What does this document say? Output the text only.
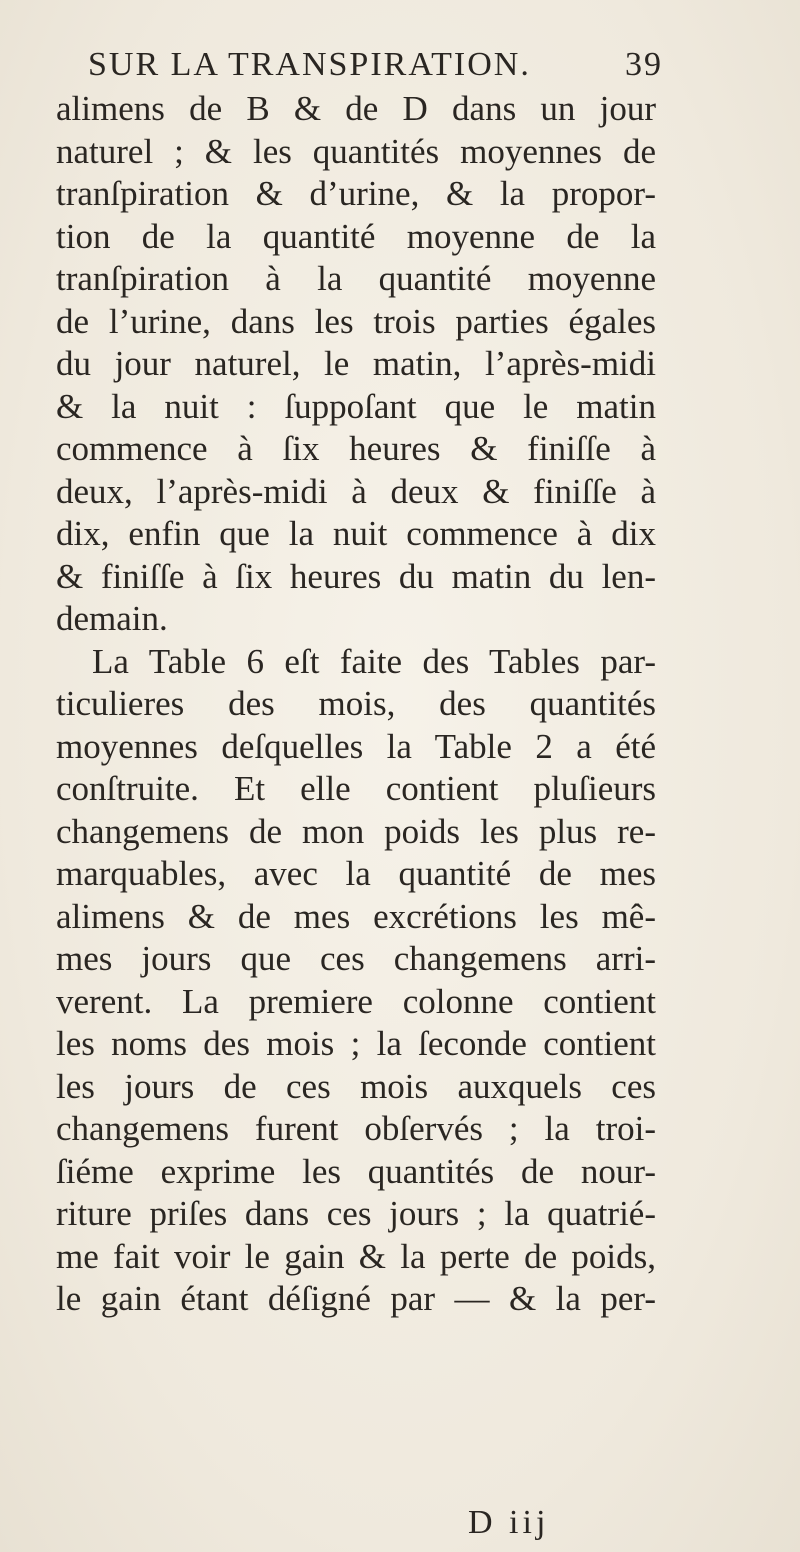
SUR LA TRANSPIRATION.	39
alimens de B & de D dans un jour
naturel ; & les quantités moyennes de
tranſpiration & d’urine, & la propor-
tion de la quantité moyenne de la
tranſpiration à la quantité moyenne
de l’urine, dans les trois parties égales
du jour naturel, le matin, l’après-midi
& la nuit : ſuppoſant que le matin
commence à ſix heures & finiſſe à
deux, l’après-midi à deux & finiſſe à
dix, enfin que la nuit commence à dix
& finiſſe à ſix heures du matin du len-
demain.
La Table 6 eſt faite des Tables par-
ticulieres des mois, des quantités
moyennes deſquelles la Table 2 a été
conſtruite. Et elle contient pluſieurs
changemens de mon poids les plus re-
marquables, avec la quantité de mes
alimens & de mes excrétions les mê-
mes jours que ces changemens arri-
verent. La premiere colonne contient
les noms des mois ; la ſeconde contient
les jours de ces mois auxquels ces
changemens furent obſervés ; la troi-
ſiéme exprime les quantités de nour-
riture priſes dans ces jours ; la quatrié-
me fait voir le gain & la perte de poids,
le gain étant déſigné par — & la per-
D iij
